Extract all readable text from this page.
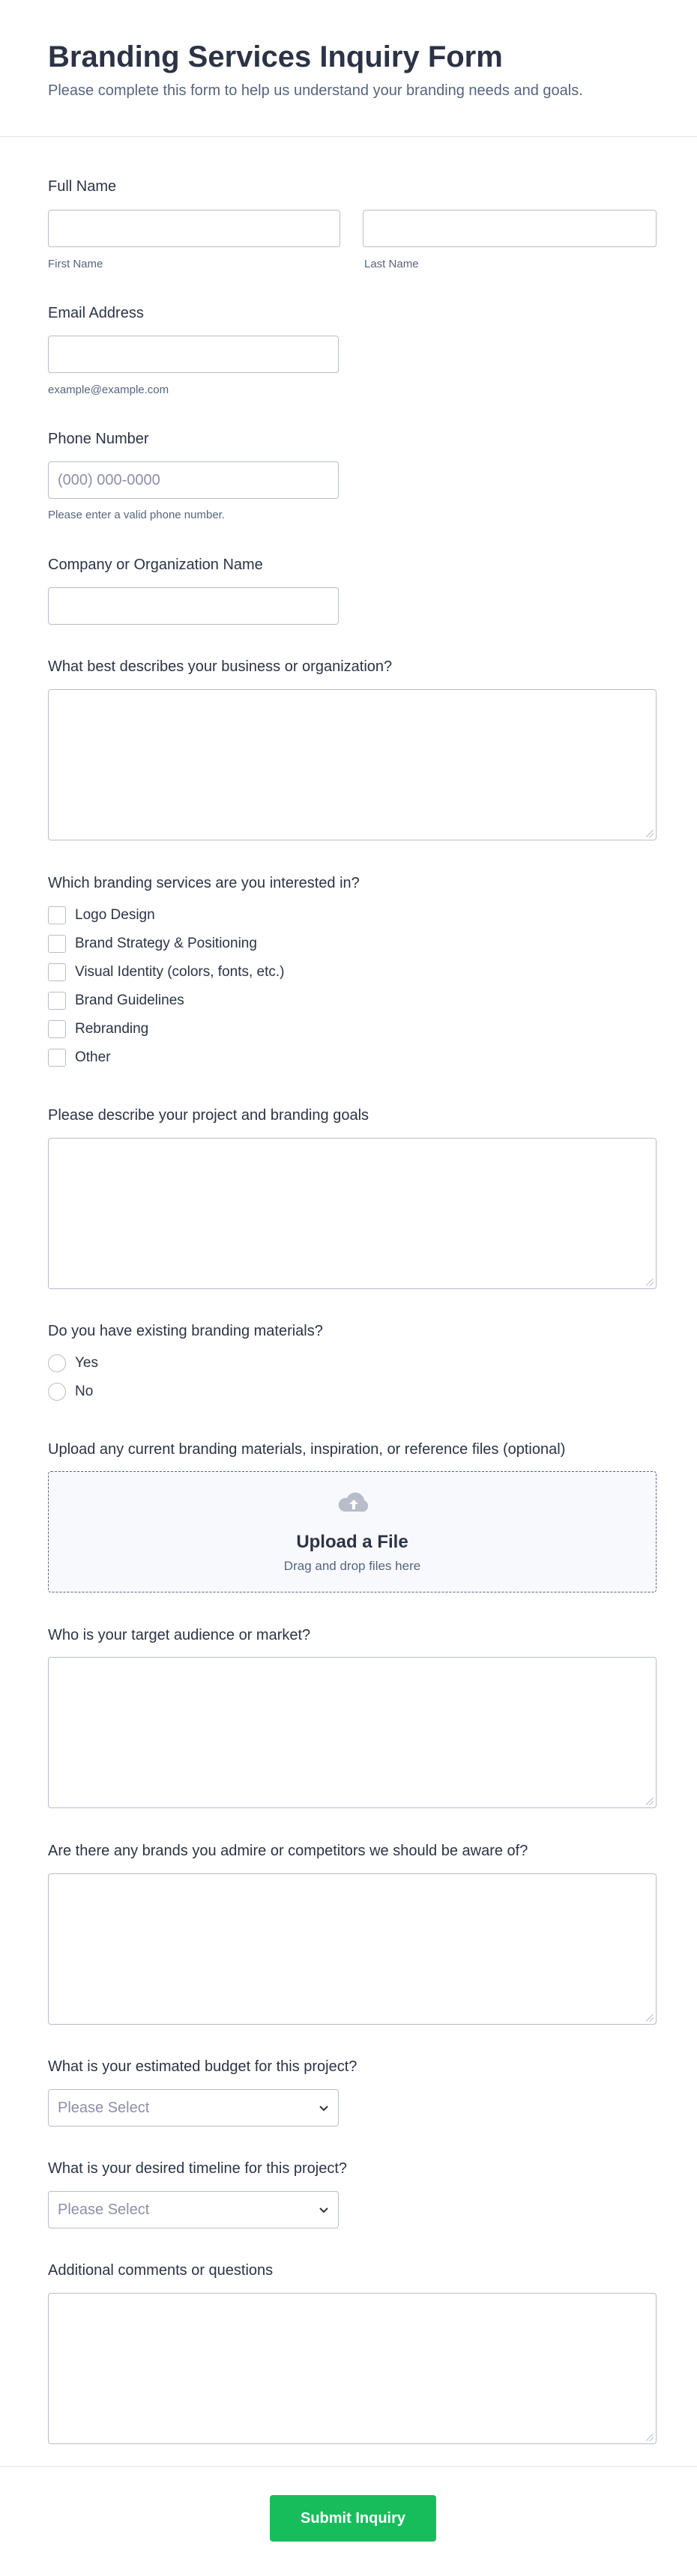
Branding Services Inquiry Form

Please complete this form to help us understand your branding needs and goals.

Full Name
First Name	Last Name
Email Address
example@example.com
Phone Number
(000) 000-0000
Please enter a valid phone number.
Company or Organization Name
What best describes your business or organization?
Which branding services are you interested in?
Logo Design
Brand Strategy & Positioning
Visual Identity (colors, fonts, etc.)
Brand Guidelines
Rebranding
Other
Please describe your project and branding goals
Do you have existing branding materials?
Yes
No
Upload any current branding materials, inspiration, or reference files (optional)
Upload a File
Drag and drop files here
Who is your target audience or market?
Are there any brands you admire or competitors we should be aware of?
What is your estimated budget for this project?
Please Select
What is your desired timeline for this project?
Please Select
Additional comments or questions
Submit Inquiry
